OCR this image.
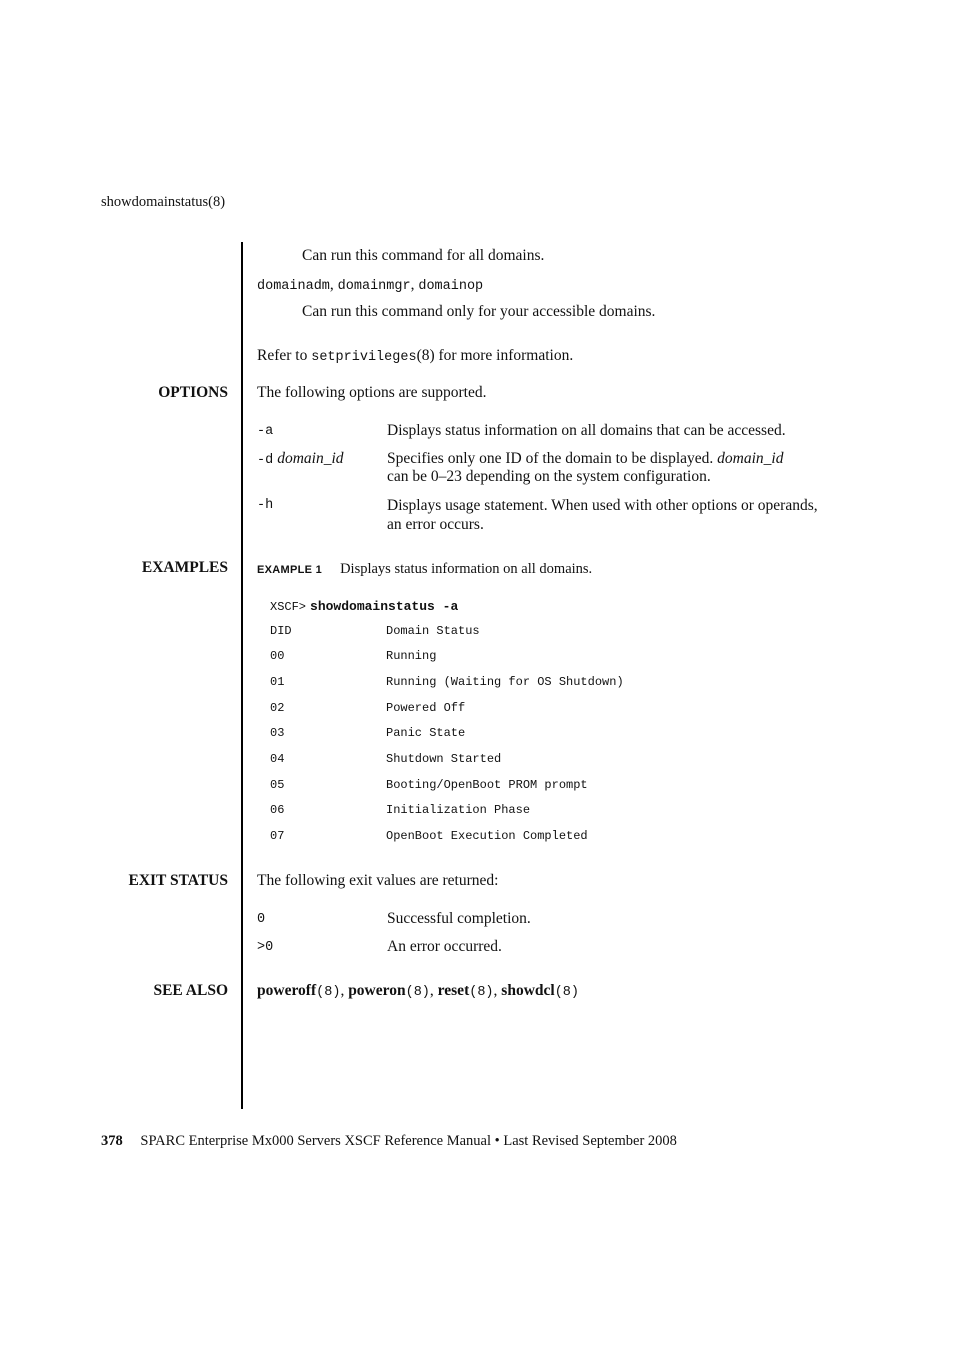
showdomainstatus(8)
Can run this command for all domains.
domainadm, domainmgr, domainop
Can run this command only for your accessible domains.
Refer to setprivileges(8) for more information.
OPTIONS The following options are supported.
-a	Displays status information on all domains that can be accessed.
-d domain_id	Specifies only one ID of the domain to be displayed. domain_id
can be 0–23 depending on the system configuration.
-h	Displays usage statement. When used with other options or operands, an error occurs.
EXAMPLES	EXAMPLE 1 Displays status information on all domains.
XSCF> showdomainstatus -a
DID	Domain Status
00	Running
01	Running (Waiting for OS Shutdown)
02	Powered Off
03	Panic State
04	Shutdown Started
05	Booting/OpenBoot PROM prompt
06	Initialization Phase
07	OpenBoot Execution Completed
EXIT STATUS The following exit values are returned:
0	Successful completion.
>0	An error occurred.
SEE ALSO poweroff(8), poweron(8), reset(8), showdcl(8)
378 SPARC Enterprise Mx000 Servers XSCF Reference Manual • Last Revised September 2008
